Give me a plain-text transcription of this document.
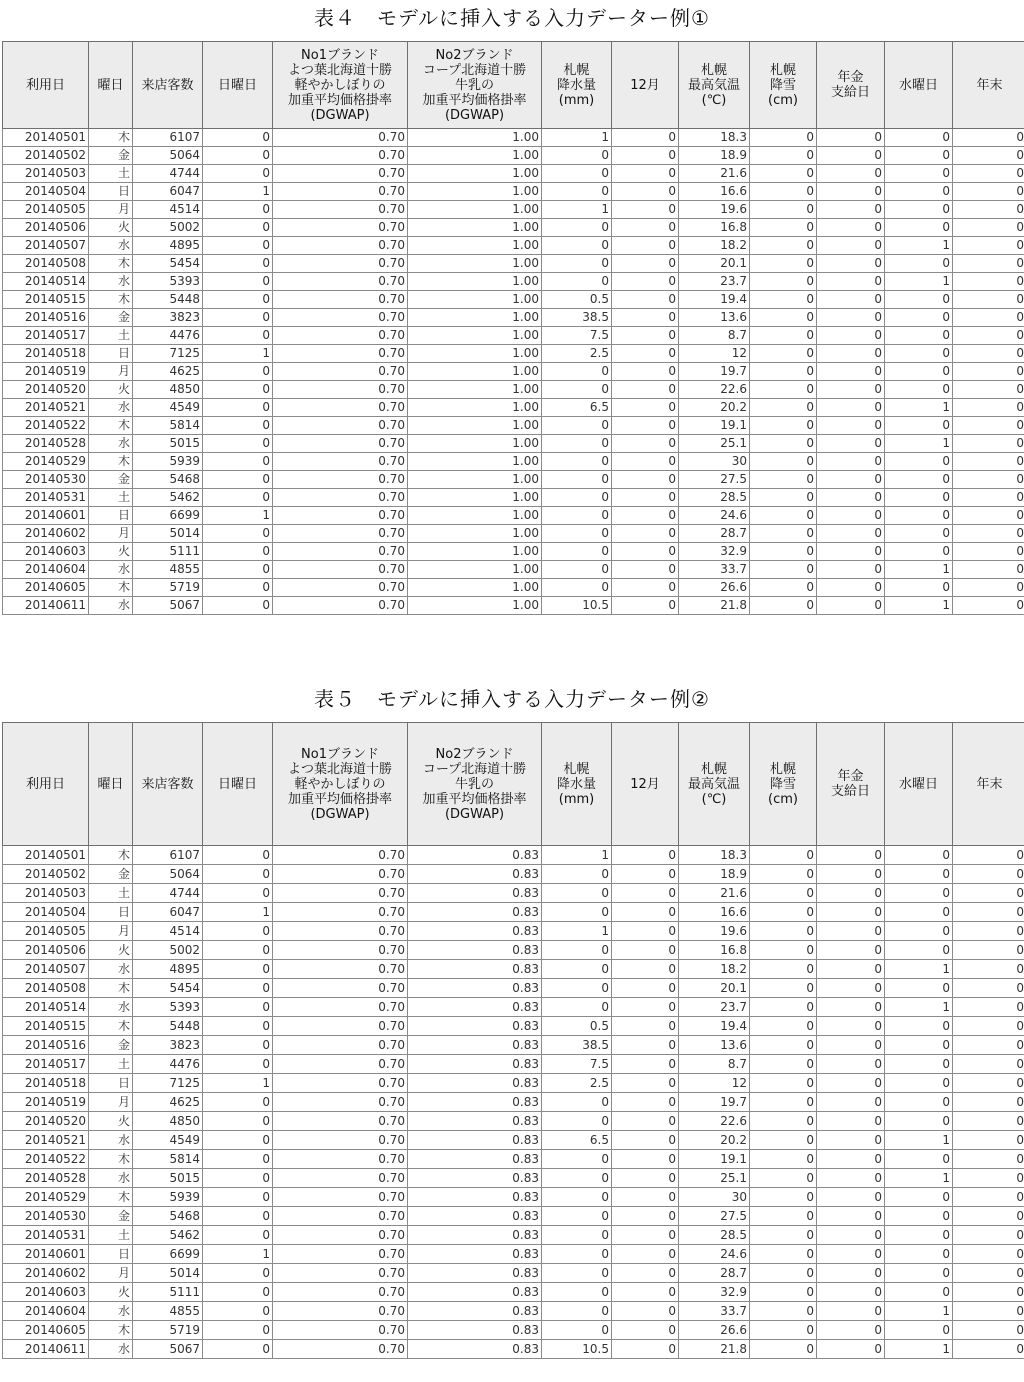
表４　モデルに挿入する入力データー例①
利用日	曜日	来店客数	日曜日	No1ブランド
よつ葉北海道十勝
軽やかしぼりの
加重平均価格掛率
(DGWAP)	No2ブランド
コープ北海道十勝
牛乳の
加重平均価格掛率
(DGWAP)	札幌
降水量
(mm)	12月	札幌
最高気温
(℃)	札幌
降雪
(cm)	年金
支給日	水曜日	年末
20140501	木	6107	0	0.70	1.00	1	0	18.3	0	0	0	0
20140502	金	5064	0	0.70	1.00	0	0	18.9	0	0	0	0
20140503	土	4744	0	0.70	1.00	0	0	21.6	0	0	0	0
20140504	日	6047	1	0.70	1.00	0	0	16.6	0	0	0	0
20140505	月	4514	0	0.70	1.00	1	0	19.6	0	0	0	0
20140506	火	5002	0	0.70	1.00	0	0	16.8	0	0	0	0
20140507	水	4895	0	0.70	1.00	0	0	18.2	0	0	1	0
20140508	木	5454	0	0.70	1.00	0	0	20.1	0	0	0	0
20140514	水	5393	0	0.70	1.00	0	0	23.7	0	0	1	0
20140515	木	5448	0	0.70	1.00	0.5	0	19.4	0	0	0	0
20140516	金	3823	0	0.70	1.00	38.5	0	13.6	0	0	0	0
20140517	土	4476	0	0.70	1.00	7.5	0	8.7	0	0	0	0
20140518	日	7125	1	0.70	1.00	2.5	0	12	0	0	0	0
20140519	月	4625	0	0.70	1.00	0	0	19.7	0	0	0	0
20140520	火	4850	0	0.70	1.00	0	0	22.6	0	0	0	0
20140521	水	4549	0	0.70	1.00	6.5	0	20.2	0	0	1	0
20140522	木	5814	0	0.70	1.00	0	0	19.1	0	0	0	0
20140528	水	5015	0	0.70	1.00	0	0	25.1	0	0	1	0
20140529	木	5939	0	0.70	1.00	0	0	30	0	0	0	0
20140530	金	5468	0	0.70	1.00	0	0	27.5	0	0	0	0
20140531	土	5462	0	0.70	1.00	0	0	28.5	0	0	0	0
20140601	日	6699	1	0.70	1.00	0	0	24.6	0	0	0	0
20140602	月	5014	0	0.70	1.00	0	0	28.7	0	0	0	0
20140603	火	5111	0	0.70	1.00	0	0	32.9	0	0	0	0
20140604	水	4855	0	0.70	1.00	0	0	33.7	0	0	1	0
20140605	木	5719	0	0.70	1.00	0	0	26.6	0	0	0	0
20140611	水	5067	0	0.70	1.00	10.5	0	21.8	0	0	1	0
表５　モデルに挿入する入力データー例②
利用日	曜日	来店客数	日曜日	No1ブランド
よつ葉北海道十勝
軽やかしぼりの
加重平均価格掛率
(DGWAP)	No2ブランド
コープ北海道十勝
牛乳の
加重平均価格掛率
(DGWAP)	札幌
降水量
(mm)	12月	札幌
最高気温
(℃)	札幌
降雪
(cm)	年金
支給日	水曜日	年末
20140501	木	6107	0	0.70	0.83	1	0	18.3	0	0	0	0
20140502	金	5064	0	0.70	0.83	0	0	18.9	0	0	0	0
20140503	土	4744	0	0.70	0.83	0	0	21.6	0	0	0	0
20140504	日	6047	1	0.70	0.83	0	0	16.6	0	0	0	0
20140505	月	4514	0	0.70	0.83	1	0	19.6	0	0	0	0
20140506	火	5002	0	0.70	0.83	0	0	16.8	0	0	0	0
20140507	水	4895	0	0.70	0.83	0	0	18.2	0	0	1	0
20140508	木	5454	0	0.70	0.83	0	0	20.1	0	0	0	0
20140514	水	5393	0	0.70	0.83	0	0	23.7	0	0	1	0
20140515	木	5448	0	0.70	0.83	0.5	0	19.4	0	0	0	0
20140516	金	3823	0	0.70	0.83	38.5	0	13.6	0	0	0	0
20140517	土	4476	0	0.70	0.83	7.5	0	8.7	0	0	0	0
20140518	日	7125	1	0.70	0.83	2.5	0	12	0	0	0	0
20140519	月	4625	0	0.70	0.83	0	0	19.7	0	0	0	0
20140520	火	4850	0	0.70	0.83	0	0	22.6	0	0	0	0
20140521	水	4549	0	0.70	0.83	6.5	0	20.2	0	0	1	0
20140522	木	5814	0	0.70	0.83	0	0	19.1	0	0	0	0
20140528	水	5015	0	0.70	0.83	0	0	25.1	0	0	1	0
20140529	木	5939	0	0.70	0.83	0	0	30	0	0	0	0
20140530	金	5468	0	0.70	0.83	0	0	27.5	0	0	0	0
20140531	土	5462	0	0.70	0.83	0	0	28.5	0	0	0	0
20140601	日	6699	1	0.70	0.83	0	0	24.6	0	0	0	0
20140602	月	5014	0	0.70	0.83	0	0	28.7	0	0	0	0
20140603	火	5111	0	0.70	0.83	0	0	32.9	0	0	0	0
20140604	水	4855	0	0.70	0.83	0	0	33.7	0	0	1	0
20140605	木	5719	0	0.70	0.83	0	0	26.6	0	0	0	0
20140611	水	5067	0	0.70	0.83	10.5	0	21.8	0	0	1	0
